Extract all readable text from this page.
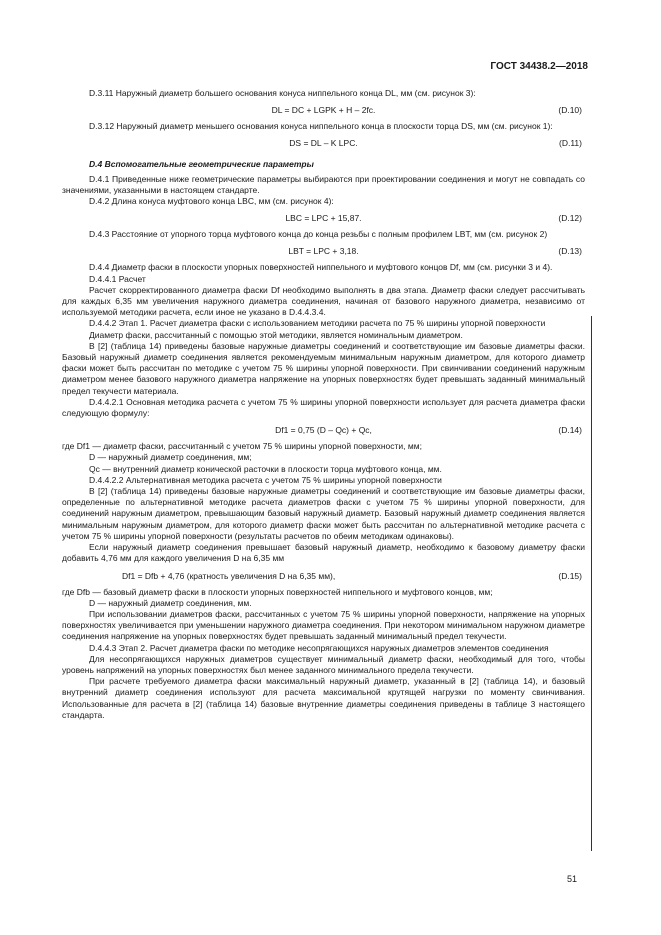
ГОСТ 34438.2—2018

D.3.11 Наружный диаметр большего основания конуса ниппельного конца DL, мм (см. рисунок 3):

DL = DC + LGPK + H – 2fc.	(D.10)

D.3.12 Наружный диаметр меньшего основания конуса ниппельного конца в плоскости торца DS, мм (см. рисунок 1):

DS = DL – K LPC.	(D.11)

D.4 Вспомогательные геометрические параметры

D.4.1 Приведенные ниже геометрические параметры выбираются при проектировании соединения и могут не совпадать со значениями, указанными в настоящем стандарте.

D.4.2 Длина конуса муфтового конца LBC, мм (см. рисунок 4):

LBC = LPC + 15,87.	(D.12)

D.4.3 Расстояние от упорного торца муфтового конца до конца резьбы с полным профилем LBT, мм (см. рисунок 2)

LBT = LPC + 3,18.	(D.13)

D.4.4 Диаметр фаски в плоскости упорных поверхностей ниппельного и муфтового концов Df, мм (см. рисунки 3 и 4).

D.4.4.1 Расчет

Расчет скорректированного диаметра фаски Df необходимо выполнять в два этапа. Диаметр фаски следует рассчитывать для каждых 6,35 мм увеличения наружного диаметра соединения, начиная от базового наружного диаметра, независимо от используемой методики расчета, если иное не указано в D.4.4.3.4.

D.4.4.2 Этап 1. Расчет диаметра фаски с использованием методики расчета по 75 % ширины упорной поверхности

Диаметр фаски, рассчитанный с помощью этой методики, является номинальным диаметром.

В [2] (таблица 14) приведены базовые наружные диаметры соединений и соответствующие им базовые диаметры фаски. Базовый наружный диаметр соединения является рекомендуемым минимальным наружным диаметром, для которого диаметр фаски может быть рассчитан по методике с учетом 75 % ширины упорной поверхности. При свинчивании соединений наружным диаметром менее базового наружного диаметра напряжение на упорных поверхностях будет превышать заданный минимальный предел текучести материала.

D.4.4.2.1 Основная методика расчета с учетом 75 % ширины упорной поверхности использует для расчета диаметра фаски следующую формулу:

Df1 = 0,75 (D – Qc) + Qc,	(D.14)

где Df1 — диаметр фаски, рассчитанный с учетом 75 % ширины упорной поверхности, мм;

D — наружный диаметр соединения, мм;

Qc — внутренний диаметр конической расточки в плоскости торца муфтового конца, мм.

D.4.4.2.2 Альтернативная методика расчета с учетом 75 % ширины упорной поверхности

В [2] (таблица 14) приведены базовые наружные диаметры соединений и соответствующие им базовые диаметры фаски, определенные по альтернативной методике расчета диаметров фаски с учетом 75 % ширины упорной поверхности, для соединений наружным диаметром, превышающим базовый наружный диаметр. Базовый наружный диаметр соединения является минимальным наружным диаметром, для которого диаметр фаски может быть рассчитан по альтернативной методике расчета с учетом 75 % ширины упорной поверхности (результаты расчетов по обеим методикам одинаковы).

Если наружный диаметр соединения превышает базовый наружный диаметр, необходимо к базовому диаметру фаски добавить 4,76 мм для каждого увеличения D на 6,35 мм

Df1 = Dfb + 4,76 (кратность увеличения D на 6,35 мм),	(D.15)

где Dfb — базовый диаметр фаски в плоскости упорных поверхностей ниппельного и муфтового концов, мм;

D — наружный диаметр соединения, мм.

При использовании диаметров фаски, рассчитанных с учетом 75 % ширины упорной поверхности, напряжение на упорных поверхностях увеличивается при уменьшении наружного диаметра соединения. При некотором минимальном наружном диаметре соединения напряжение на упорных поверхностях будет превышать заданный минимальный предел текучести.

D.4.4.3 Этап 2. Расчет диаметра фаски по методике несопрягающихся наружных диаметров элементов соединения

Для несопрягающихся наружных диаметров существует минимальный диаметр фаски, необходимый для того, чтобы уровень напряжений на упорных поверхностях был менее заданного минимального предела текучести.

При расчете требуемого диаметра фаски максимальный наружный диаметр, указанный в [2] (таблица 14), и базовый внутренний диаметр соединения используют для расчета максимальной крутящей нагрузки по моменту свинчивания. Использованные для расчета в [2] (таблица 14) базовые внутренние диаметры соединения приведены в таблице 3 настоящего стандарта.

51
